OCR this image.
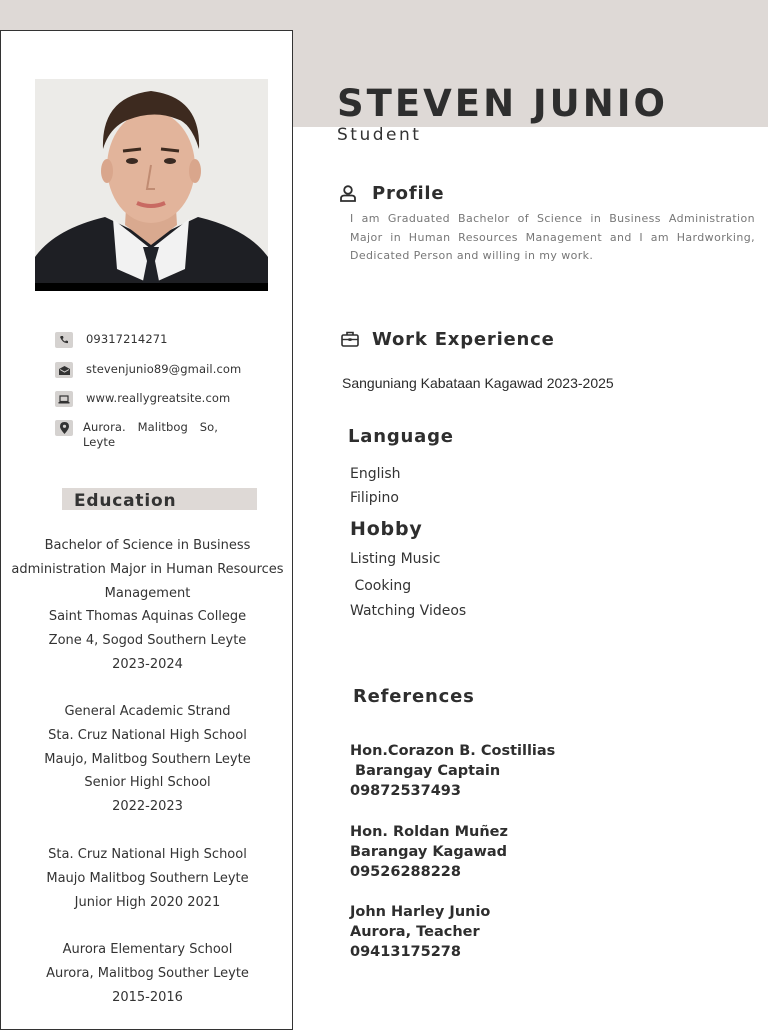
09317214271
stevenjunio89@gmail.com
www.reallygreatsite.com
Aurora. Malitbog So, Leyte
Education
Bachelor of Science in Business
administration Major in Human Resources
Management
Saint Thomas Aquinas College
Zone 4, Sogod Southern Leyte
2023-2024
General Academic Strand
Sta. Cruz National High School
Maujo, Malitbog Southern Leyte
Senior Highl School
2022-2023
Sta. Cruz National High School
Maujo Malitbog Southern Leyte
Junior High 2020 2021
Aurora Elementary School
Aurora, Malitbog Souther Leyte
2015-2016
STEVEN JUNIO
Student
Profile
I am Graduated Bachelor of Science in Business Administration Major in Human Resources Management and I am Hardworking, Dedicated Person and willing in my work.
Work Experience
Sanguniang Kabataan Kagawad 2023-2025
Language
English
Filipino
Hobby
Listing Music
Cooking
Watching Videos
References
Hon.Corazon B. Costillias
Barangay Captain
09872537493
Hon. Roldan Muñez
Barangay Kagawad
09526288228
John Harley Junio
Aurora, Teacher
09413175278
